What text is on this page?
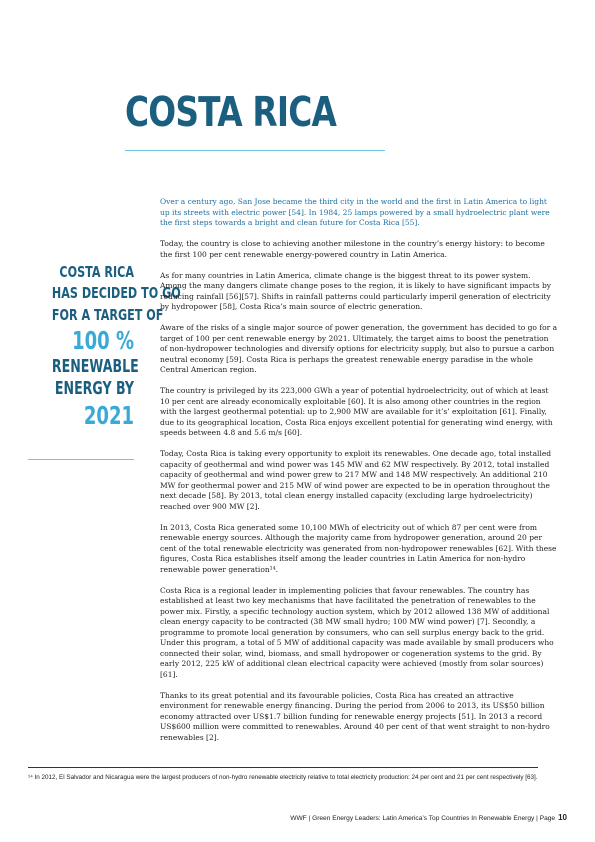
COSTA RICA
COSTA RICA
HAS DECIDED TO GO
FOR A TARGET OF
100 %
RENEWABLE
ENERGY BY
2021

Over a century ago, San Jose became the third city in the world and the first in Latin America to light up its streets with electric power [54]. In 1984, 25 lamps powered by a small hydroelectric plant were the first steps towards a bright and clean future for Costa Rica [55].

Today, the country is close to achieving another milestone in the country’s energy history: to become the first 100 per cent renewable energy-powered country in Latin America.

As for many countries in Latin America, climate change is the biggest threat to its power system. Among the many dangers climate change poses to the region, it is likely to have significant impacts by reducing rainfall [56][57]. Shifts in rainfall patterns could particularly imperil generation of electricity by hydropower [58], Costa Rica’s main source of electric generation.

Aware of the risks of a single major source of power generation, the government has decided to go for a target of 100 per cent renewable energy by 2021. Ultimately, the target aims to boost the penetration of non-hydropower technologies and diversify options for electricity supply, but also to pursue a carbon neutral economy [59]. Costa Rica is perhaps the greatest renewable energy paradise in the whole Central American region.

The country is privileged by its 223,000 GWh a year of potential hydroelectricity, out of which at least 10 per cent are already economically exploitable [60]. It is also among other countries in the region with the largest geothermal potential: up to 2,900 MW are available for it’s’ exploitation [61]. Finally, due to its geographical location, Costa Rica enjoys excellent potential for generating wind energy, with speeds between 4.8 and 5.6 m/s [60].

Today, Costa Rica is taking every opportunity to exploit its renewables. One decade ago, total installed capacity of geothermal and wind power was 145 MW and 62 MW respectively. By 2012, total installed capacity of geothermal and wind power grew to 217 MW and 148 MW respectively. An additional 210 MW for geothermal power and 215 MW of wind power are expected to be in operation throughout the next decade [58]. By 2013, total clean energy installed capacity (excluding large hydroelectricity) reached over 900 MW [2].

In 2013, Costa Rica generated some 10,100 MWh of electricity out of which 87 per cent were from renewable energy sources. Although the majority came from hydropower generation, around 20 per cent of the total renewable electricity was generated from non-hydropower renewables [62]. With these figures, Costa Rica establishes itself among the leader countries in Latin America for non-hydro renewable power generation¹⁴.

Costa Rica is a regional leader in implementing policies that favour renewables. The country has established at least two key mechanisms that have facilitated the penetration of renewables to the power mix. Firstly, a specific technology auction system, which by 2012 allowed 138 MW of additional clean energy capacity to be contracted (38 MW small hydro; 100 MW wind power) [7]. Secondly, a programme to promote local generation by consumers, who can sell surplus energy back to the grid. Under this program, a total of 5 MW of additional capacity was made available by small producers who connected their solar, wind, biomass, and small hydropower or cogeneration systems to the grid. By early 2012, 225 kW of additional clean electrical capacity were achieved (mostly from solar sources) [61].

Thanks to its great potential and its favourable policies, Costa Rica has created an attractive environment for renewable energy financing. During the period from 2006 to 2013, its US$50 billion economy attracted over US$1.7 billion funding for renewable energy projects [51]. In 2013 a record US$600 million were committed to renewables. Around 40 per cent of that went straight to non-hydro renewables [2].

¹⁴ In 2012, El Salvador and Nicaragua were the largest producers of non-hydro renewable electricity relative to total electricity production: 24 per cent and 21 per cent respectively [63].
WWF | Green Energy Leaders: Latin America’s Top Countries In Renewable Energy | Page 10
